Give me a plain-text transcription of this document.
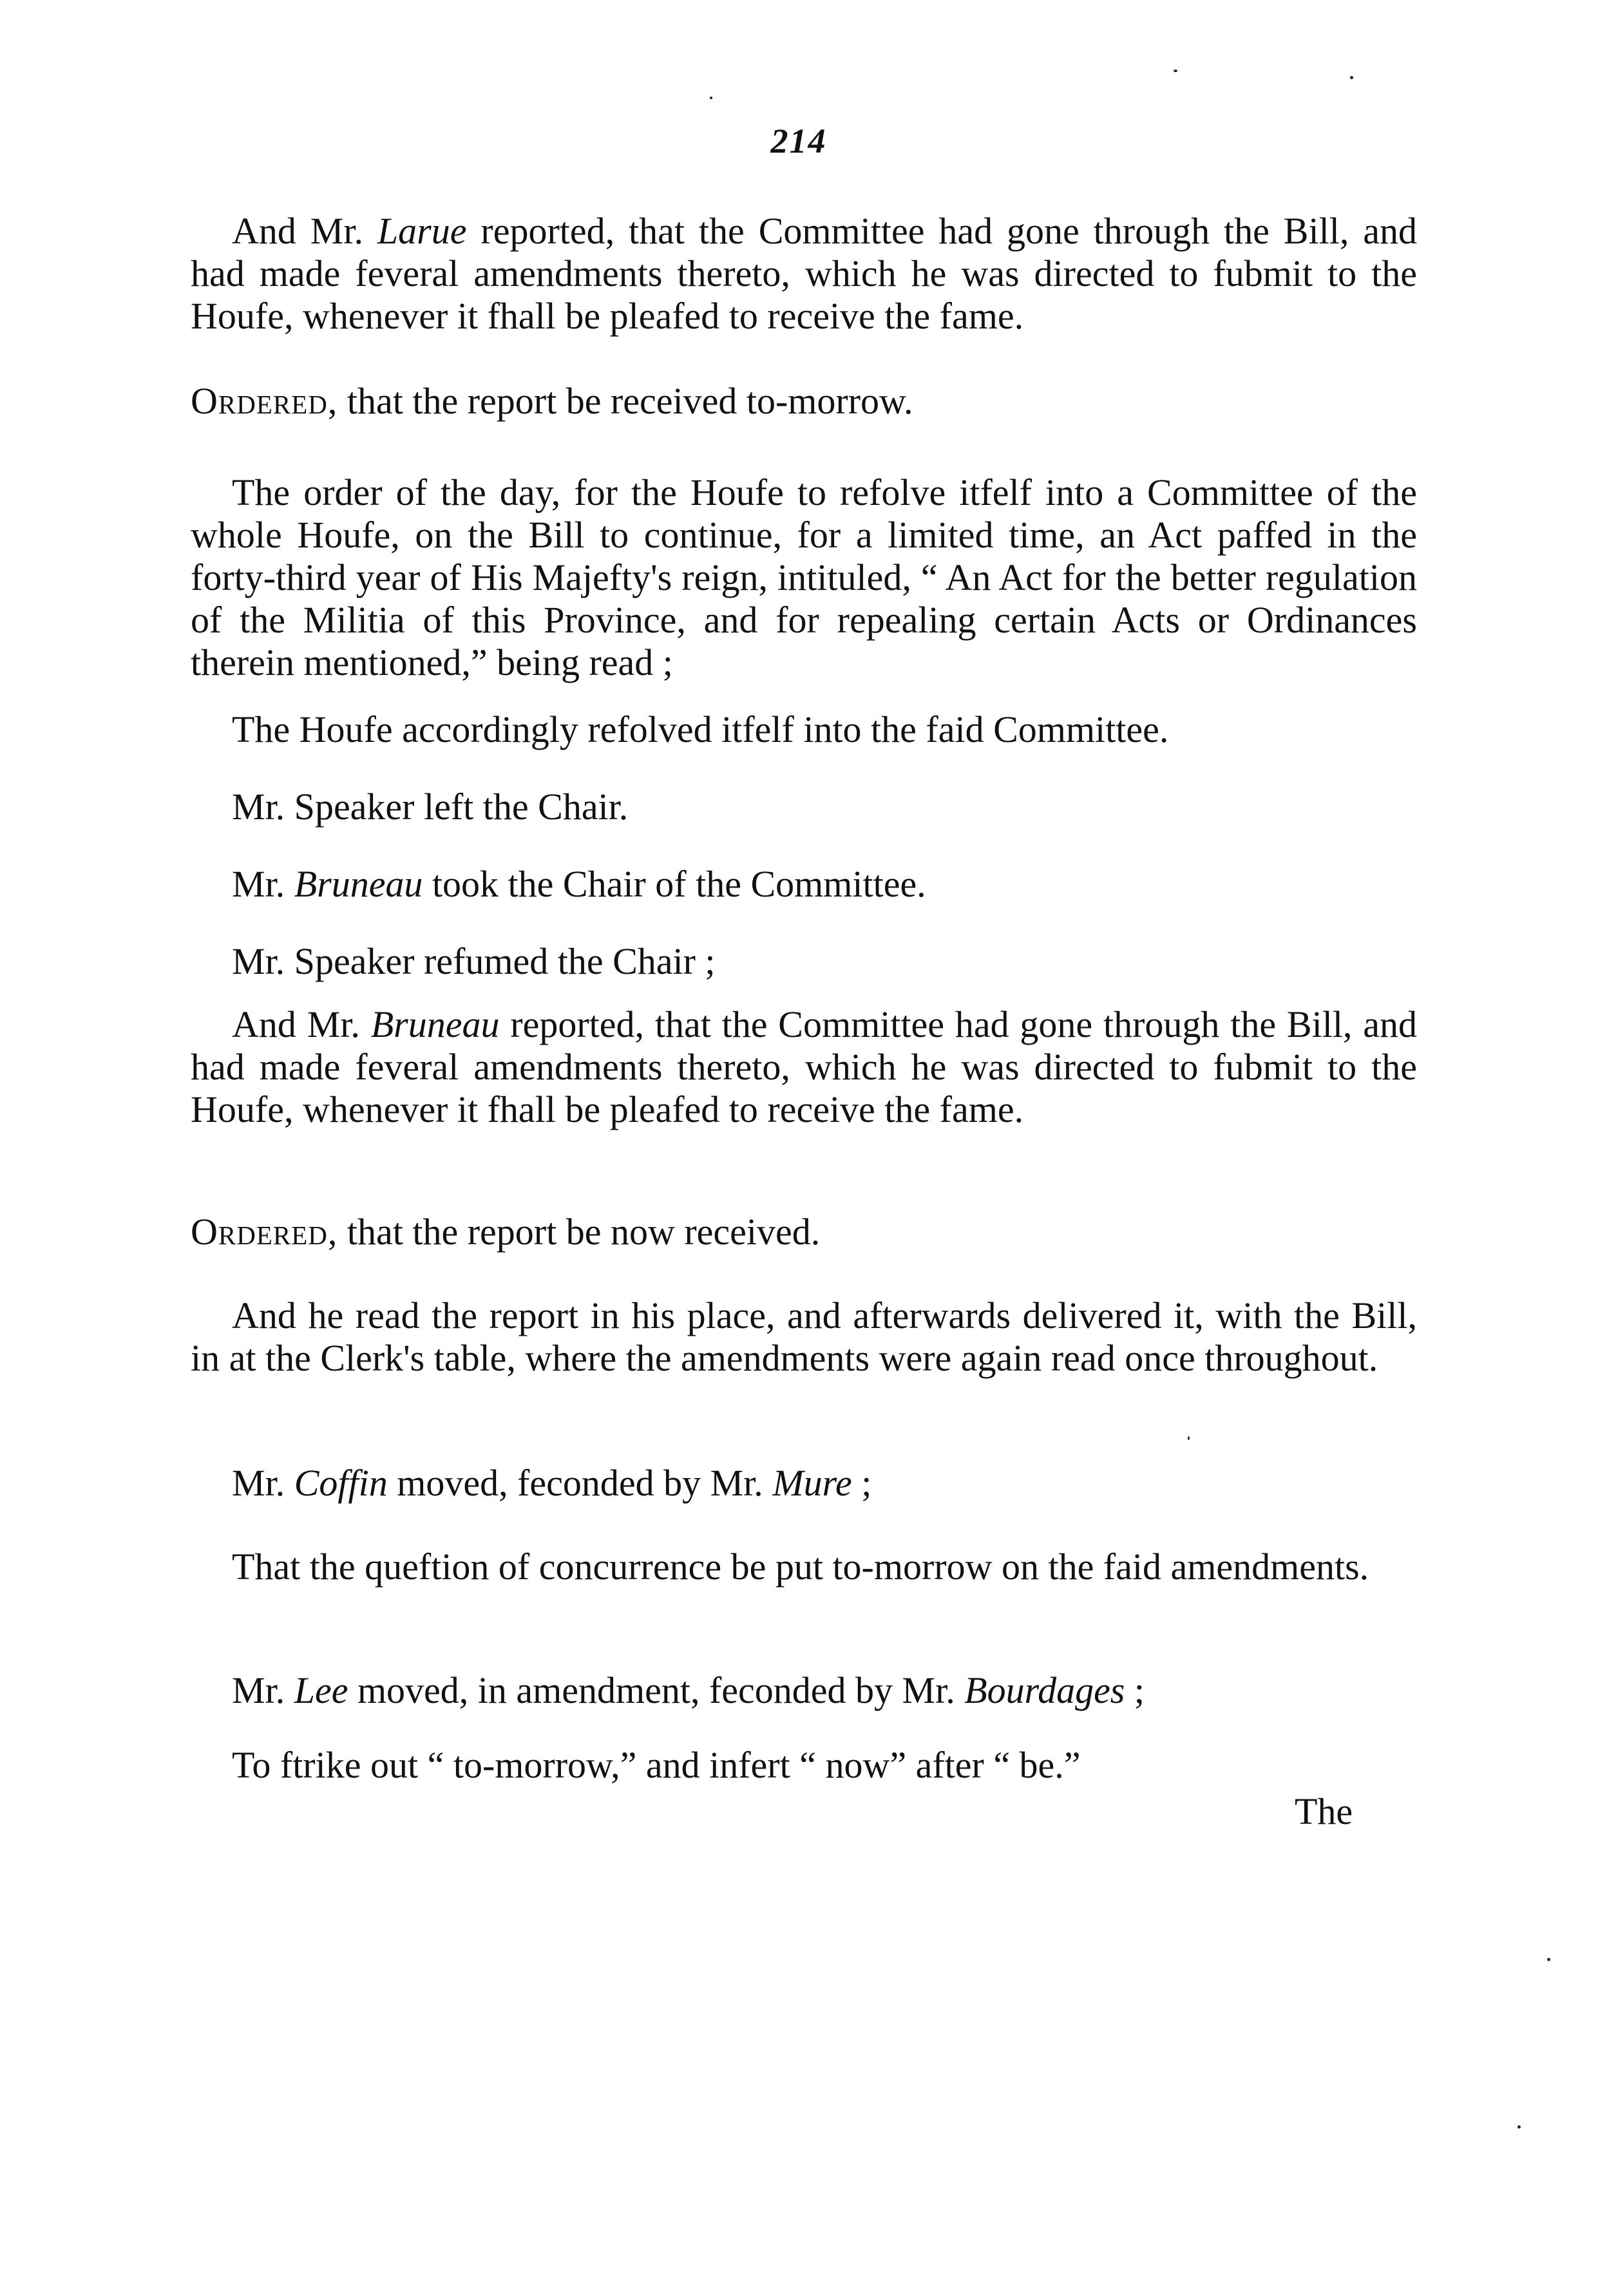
214
And Mr. Larue reported, that the Committee had gone through the Bill, and had made feveral amendments thereto, which he was directed to fubmit to the Houfe, whenever it fhall be pleafed to receive the fame.
Ordered, that the report be received to-morrow.
The order of the day, for the Houfe to refolve itfelf into a Committee of the whole Houfe, on the Bill to continue, for a limited time, an Act paffed in the forty-third year of His Majefty's reign, intituled, “ An Act for the better regulation of the Militia of this Province, and for repealing certain Acts or Ordinances therein mentioned,” being read ;
The Houfe accordingly refolved itfelf into the faid Committee.
Mr. Speaker left the Chair.
Mr. Bruneau took the Chair of the Committee.
Mr. Speaker refumed the Chair ;
And Mr. Bruneau reported, that the Committee had gone through the Bill, and had made feveral amendments thereto, which he was directed to fubmit to the Houfe, whenever it fhall be pleafed to receive the fame.
Ordered, that the report be now received.
And he read the report in his place, and afterwards delivered it, with the Bill, in at the Clerk's table, where the amendments were again read once throughout.
Mr. Coffin moved, feconded by Mr. Mure ;
That the queftion of concurrence be put to-morrow on the faid amendments.
Mr. Lee moved, in amendment, feconded by Mr. Bourdages ;
To ftrike out “ to-morrow,” and infert “ now” after “ be.”
The
